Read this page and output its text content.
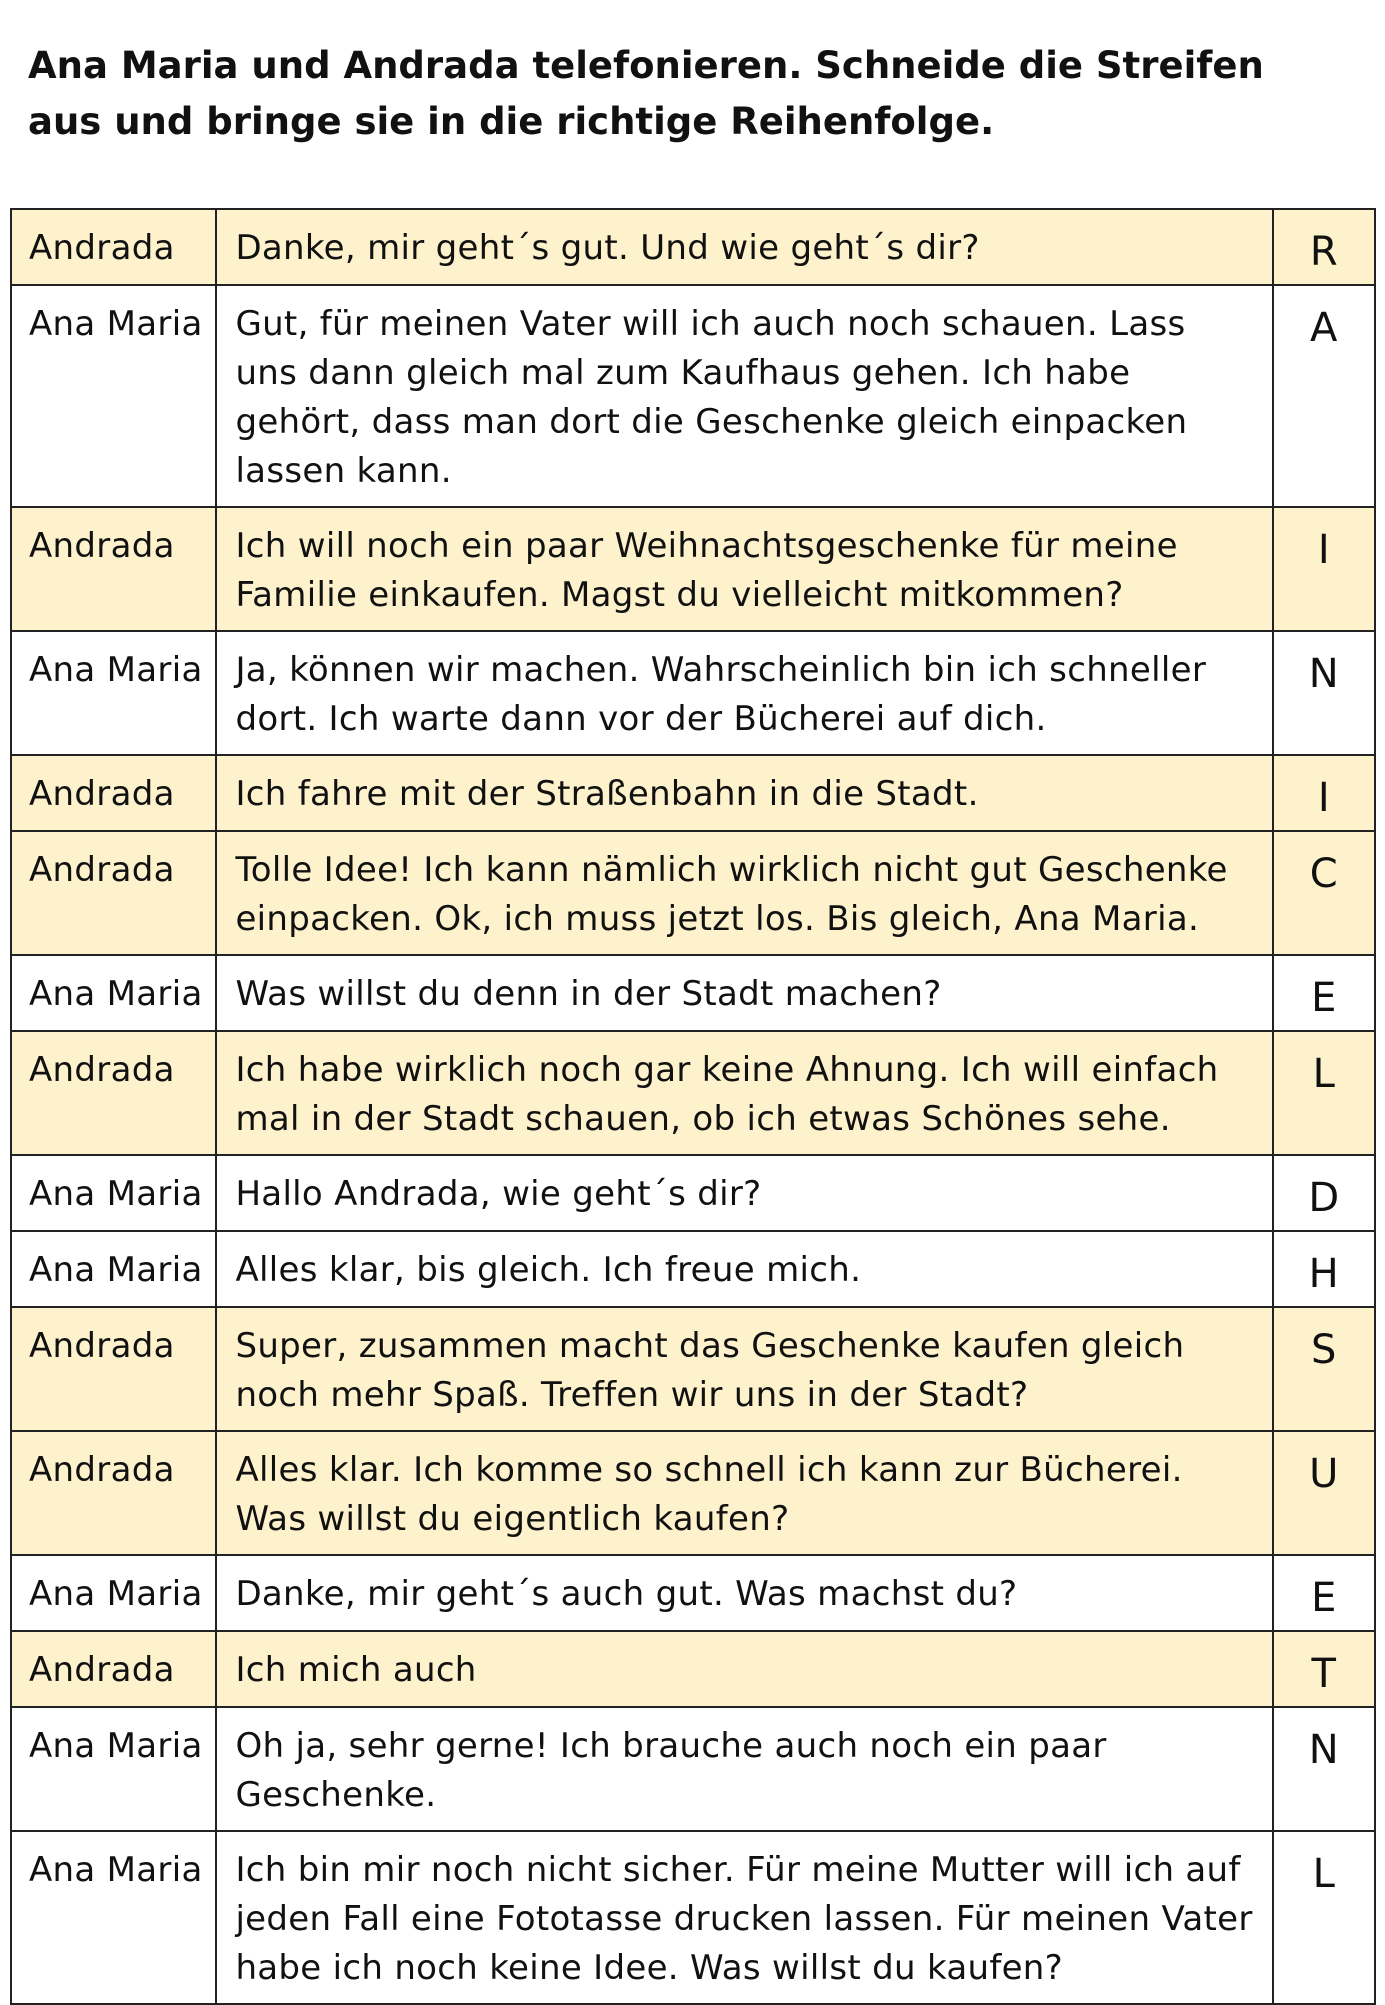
Ana Maria und Andrada telefonieren. Schneide die Streifen
aus und bringe sie in die richtige Reihenfolge.
Andrada	Danke, mir geht´s gut. Und wie geht´s dir?	R
Ana Maria	Gut, für meinen Vater will ich auch noch schauen. Lass uns dann gleich mal zum Kaufhaus gehen. Ich habe gehört, dass man dort die Geschenke gleich einpacken lassen kann.	A
Andrada	Ich will noch ein paar Weihnachtsgeschenke für meine Familie einkaufen. Magst du vielleicht mitkommen?	I
Ana Maria	Ja, können wir machen. Wahrscheinlich bin ich schneller dort. Ich warte dann vor der Bücherei auf dich.	N
Andrada	Ich fahre mit der Straßenbahn in die Stadt.	I
Andrada	Tolle Idee! Ich kann nämlich wirklich nicht gut Geschenke einpacken. Ok, ich muss jetzt los. Bis gleich, Ana Maria.	C
Ana Maria	Was willst du denn in der Stadt machen?	E
Andrada	Ich habe wirklich noch gar keine Ahnung. Ich will einfach mal in der Stadt schauen, ob ich etwas Schönes sehe.	L
Ana Maria	Hallo Andrada, wie geht´s dir?	D
Ana Maria	Alles klar, bis gleich. Ich freue mich.	H
Andrada	Super, zusammen macht das Geschenke kaufen gleich noch mehr Spaß. Treffen wir uns in der Stadt?	S
Andrada	Alles klar. Ich komme so schnell ich kann zur Bücherei. Was willst du eigentlich kaufen?	U
Ana Maria	Danke, mir geht´s auch gut. Was machst du?	E
Andrada	Ich mich auch	T
Ana Maria	Oh ja, sehr gerne! Ich brauche auch noch ein paar Geschenke.	N
Ana Maria	Ich bin mir noch nicht sicher. Für meine Mutter will ich auf jeden Fall eine Fototasse drucken lassen. Für meinen Vater habe ich noch keine Idee. Was willst du kaufen?	L
